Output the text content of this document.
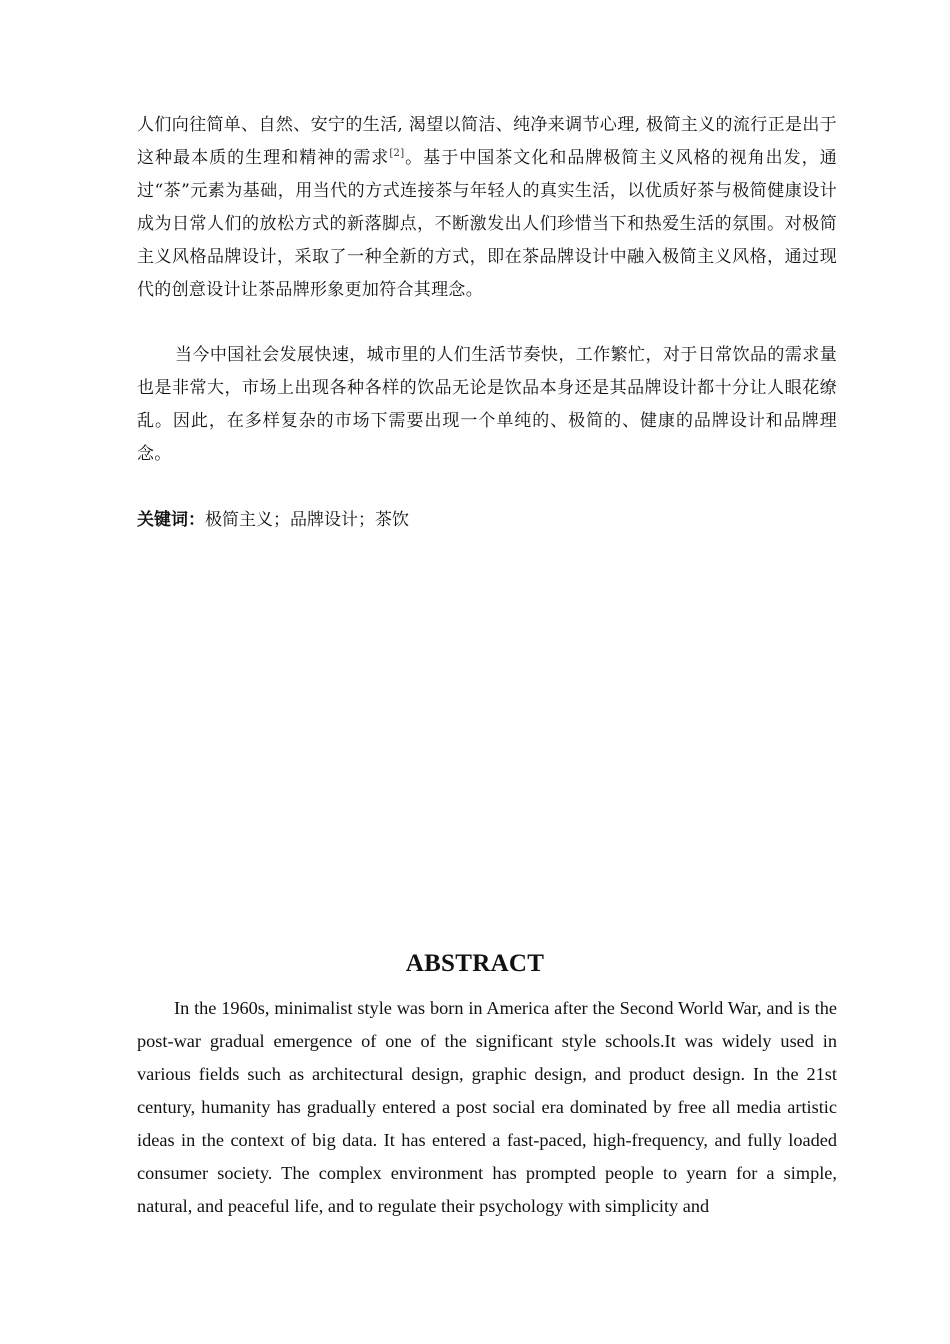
人们向往简单、自然、安宁的生活, 渴望以简洁、纯净来调节心理, 极简主义的流行正是出于这种最本质的生理和精神的需求[2]。基于中国茶文化和品牌极简主义风格的视角出发，通过“茶”元素为基础，用当代的方式连接茶与年轻人的真实生活，以优质好茶与极简健康设计成为日常人们的放松方式的新落脚点，不断激发出人们珍惜当下和热爱生活的氛围。对极简主义风格品牌设计，采取了一种全新的方式，即在茶品牌设计中融入极简主义风格，通过现代的创意设计让茶品牌形象更加符合其理念。

当今中国社会发展快速，城市里的人们生活节奏快，工作繁忙，对于日常饮品的需求量也是非常大，市场上出现各种各样的饮品无论是饮品本身还是其品牌设计都十分让人眼花缭乱。因此，在多样复杂的市场下需要出现一个单纯的、极简的、健康的品牌设计和品牌理念。

关键词：极简主义；品牌设计；茶饮
ABSTRACT

In the 1960s, minimalist style was born in America after the Second World War, and is the post-war gradual emergence of one of the significant style schools.It was widely used in various fields such as architectural design, graphic design, and product design. In the 21st century, humanity has gradually entered a post social era dominated by free all media artistic ideas in the context of big data. It has entered a fast-paced, high-frequency, and fully loaded consumer society. The complex environment has prompted people to yearn for a simple, natural, and peaceful life, and to regulate their psychology with simplicity and
